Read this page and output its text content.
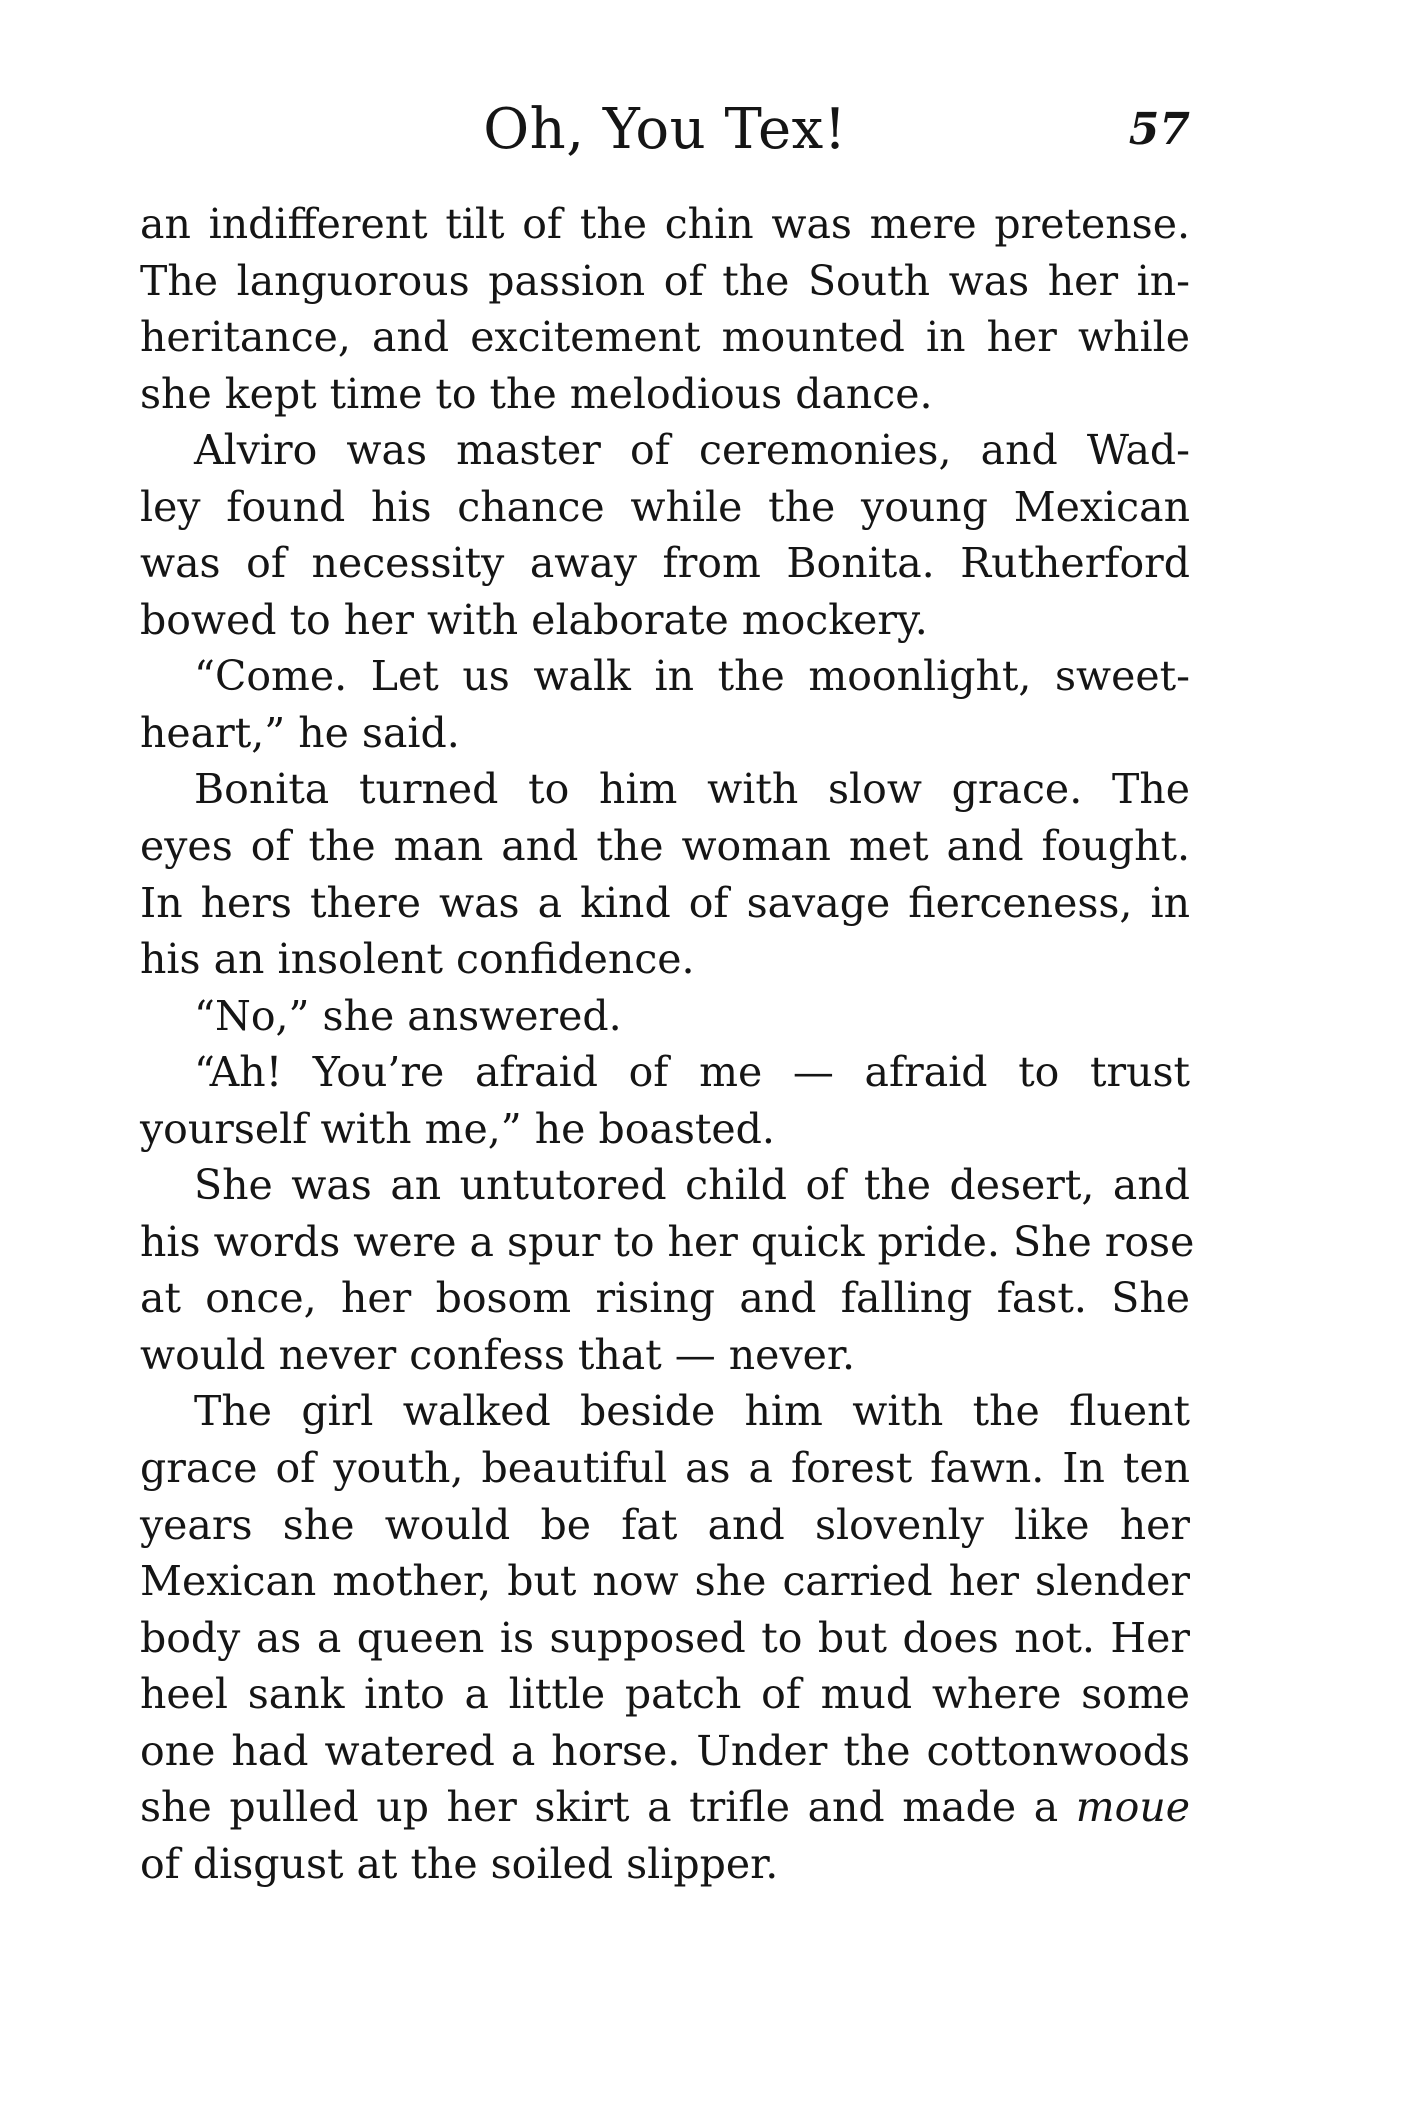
Oh, You Tex!	57
an indifferent tilt of the chin was mere pretense.
The languorous passion of the South was her in-
heritance, and excitement mounted in her while
she kept time to the melodious dance.
Alviro was master of ceremonies, and Wad-
ley found his chance while the young Mexican
was of necessity away from Bonita. Rutherford
bowed to her with elaborate mockery.
“Come. Let us walk in the moonlight, sweet-
heart,” he said.
Bonita turned to him with slow grace. The
eyes of the man and the woman met and fought.
In hers there was a kind of savage fierceness, in
his an insolent confidence.
“No,” she answered.
“Ah! You’re afraid of me — afraid to trust
yourself with me,” he boasted.
She was an untutored child of the desert, and
his words were a spur to her quick pride. She rose
at once, her bosom rising and falling fast. She
would never confess that — never.
The girl walked beside him with the fluent
grace of youth, beautiful as a forest fawn. In ten
years she would be fat and slovenly like her
Mexican mother, but now she carried her slender
body as a queen is supposed to but does not. Her
heel sank into a little patch of mud where some
one had watered a horse. Under the cottonwoods
she pulled up her skirt a trifle and made a moue
of disgust at the soiled slipper.
